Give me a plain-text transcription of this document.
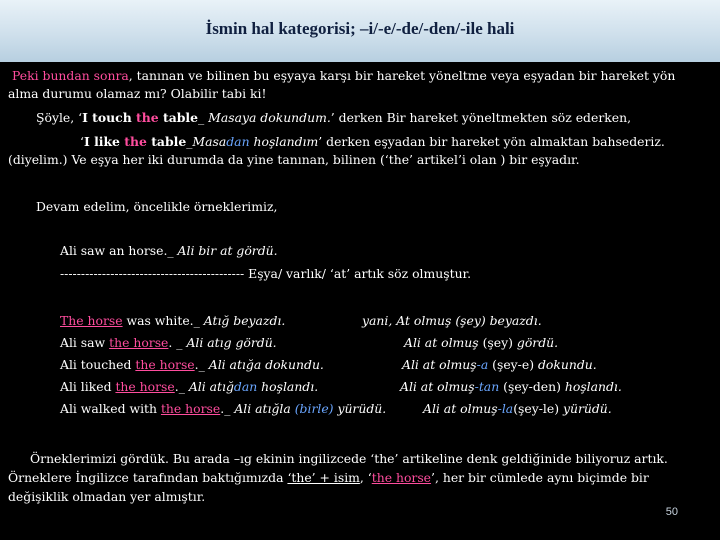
İsmin hal kategorisi; –i/-e/-de/-den/-ile hali
Peki bundan sonra, tanınan ve bilinen bu eşyaya karşı bir hareket yöneltme veya eşyadan bir hareket yön
alma durumu olamaz mı? Olabilir tabi ki!
Şöyle, ‘I touch the table_ Masaya dokundum.’ derken Bir hareket yöneltmekten söz ederken,
‘I like the table_Masadan hoşlandım’ derken eşyadan bir hareket yön almaktan bahsederiz.
(diyelim.) Ve eşya her iki durumda da yine tanınan, bilinen (‘the’ artikel’i olan ) bir eşyadır.
Devam edelim, öncelikle örneklerimiz,
Ali saw an horse._ Ali bir at gördü.
-------------------------------------------- Eşya/ varlık/ ‘at’ artık söz olmuştur.
The horse was white._ Atığ beyazdı.	yani, At olmuş (şey) beyazdı.
Ali saw the horse. _ Ali atıg gördü.	Ali at olmuş (şey) gördü.
Ali touched the horse._ Ali atığa dokundu.	Ali at olmuş-a (şey-e) dokundu.
Ali liked the horse._ Ali atığdan hoşlandı.	Ali at olmuş-tan (şey-den) hoşlandı.
Ali walked with the horse._ Ali atığla (birle) yürüdü.	Ali at olmuş-la(şey-le) yürüdü.
Örneklerimizi gördük. Bu arada –ıg ekinin ingilizcede ‘the’ artikeline denk geldiğinide biliyoruz artık.
Örneklere İngilizce tarafından baktığımızda ‘the’ + isim, ‘the horse’, her bir cümlede aynı biçimde bir
değişiklik olmadan yer almıştır.
50
